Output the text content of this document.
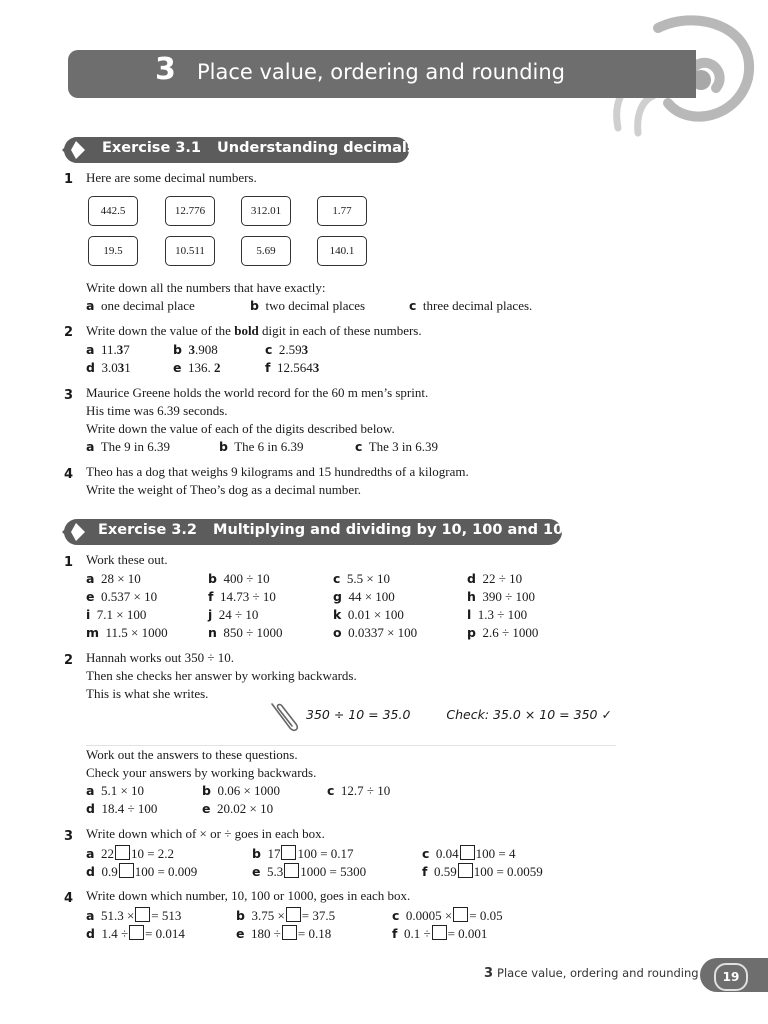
3 Place value, ordering and rounding
Exercise 3.1 Understanding decimals
1 Here are some decimal numbers.
442.5	12.776	312.01	1.77
19.5	10.511	5.69	140.1
Write down all the numbers that have exactly:
a one decimal place	b two decimal places	c three decimal places.
2 Write down the value of the bold digit in each of these numbers.
a 11.37	b 3.908	c 2.593
d 3.031	e 136. 2	f 12.5643
3 Maurice Greene holds the world record for the 60 m men’s sprint.
His time was 6.39 seconds.
Write down the value of each of the digits described below.
a The 9 in 6.39	b The 6 in 6.39	c The 3 in 6.39
4 Theo has a dog that weighs 9 kilograms and 15 hundredths of a kilogram.
Write the weight of Theo’s dog as a decimal number.
Exercise 3.2 Multiplying and dividing by 10, 100 and 1000
1 Work these out.
a 28 × 10	b 400 ÷ 10	c 5.5 × 10	d 22 ÷ 10
e 0.537 × 10	f 14.73 ÷ 10	g 44 × 100	h 390 ÷ 100
i 7.1 × 100	j 24 ÷ 10	k 0.01 × 100	l 1.3 ÷ 100
m 11.5 × 1000	n 850 ÷ 1000	o 0.0337 × 100	p 2.6 ÷ 1000
2 Hannah works out 350 ÷ 10.
Then she checks her answer by working backwards.
This is what she writes.
350 ÷ 10 = 35.0	Check: 35.0 × 10 = 350 ✓
Work out the answers to these questions.
Check your answers by working backwards.
a 5.1 × 10	b 0.06 × 1000	c 12.7 ÷ 10
d 18.4 ÷ 100	e 20.02 × 10
3 Write down which of × or ÷ goes in each box.
a 22 10 = 2.2	b 17 100 = 0.17	c 0.04 100 = 4
d 0.9 100 = 0.009	e 5.3 1000 = 5300	f 0.59 100 = 0.0059
4 Write down which number, 10, 100 or 1000, goes in each box.
a 51.3 × = 513	b 3.75 × = 37.5	c 0.0005 × = 0.05
d 1.4 ÷ = 0.014	e 180 ÷ = 0.18	f 0.1 ÷ = 0.001
3 Place value, ordering and rounding	19
